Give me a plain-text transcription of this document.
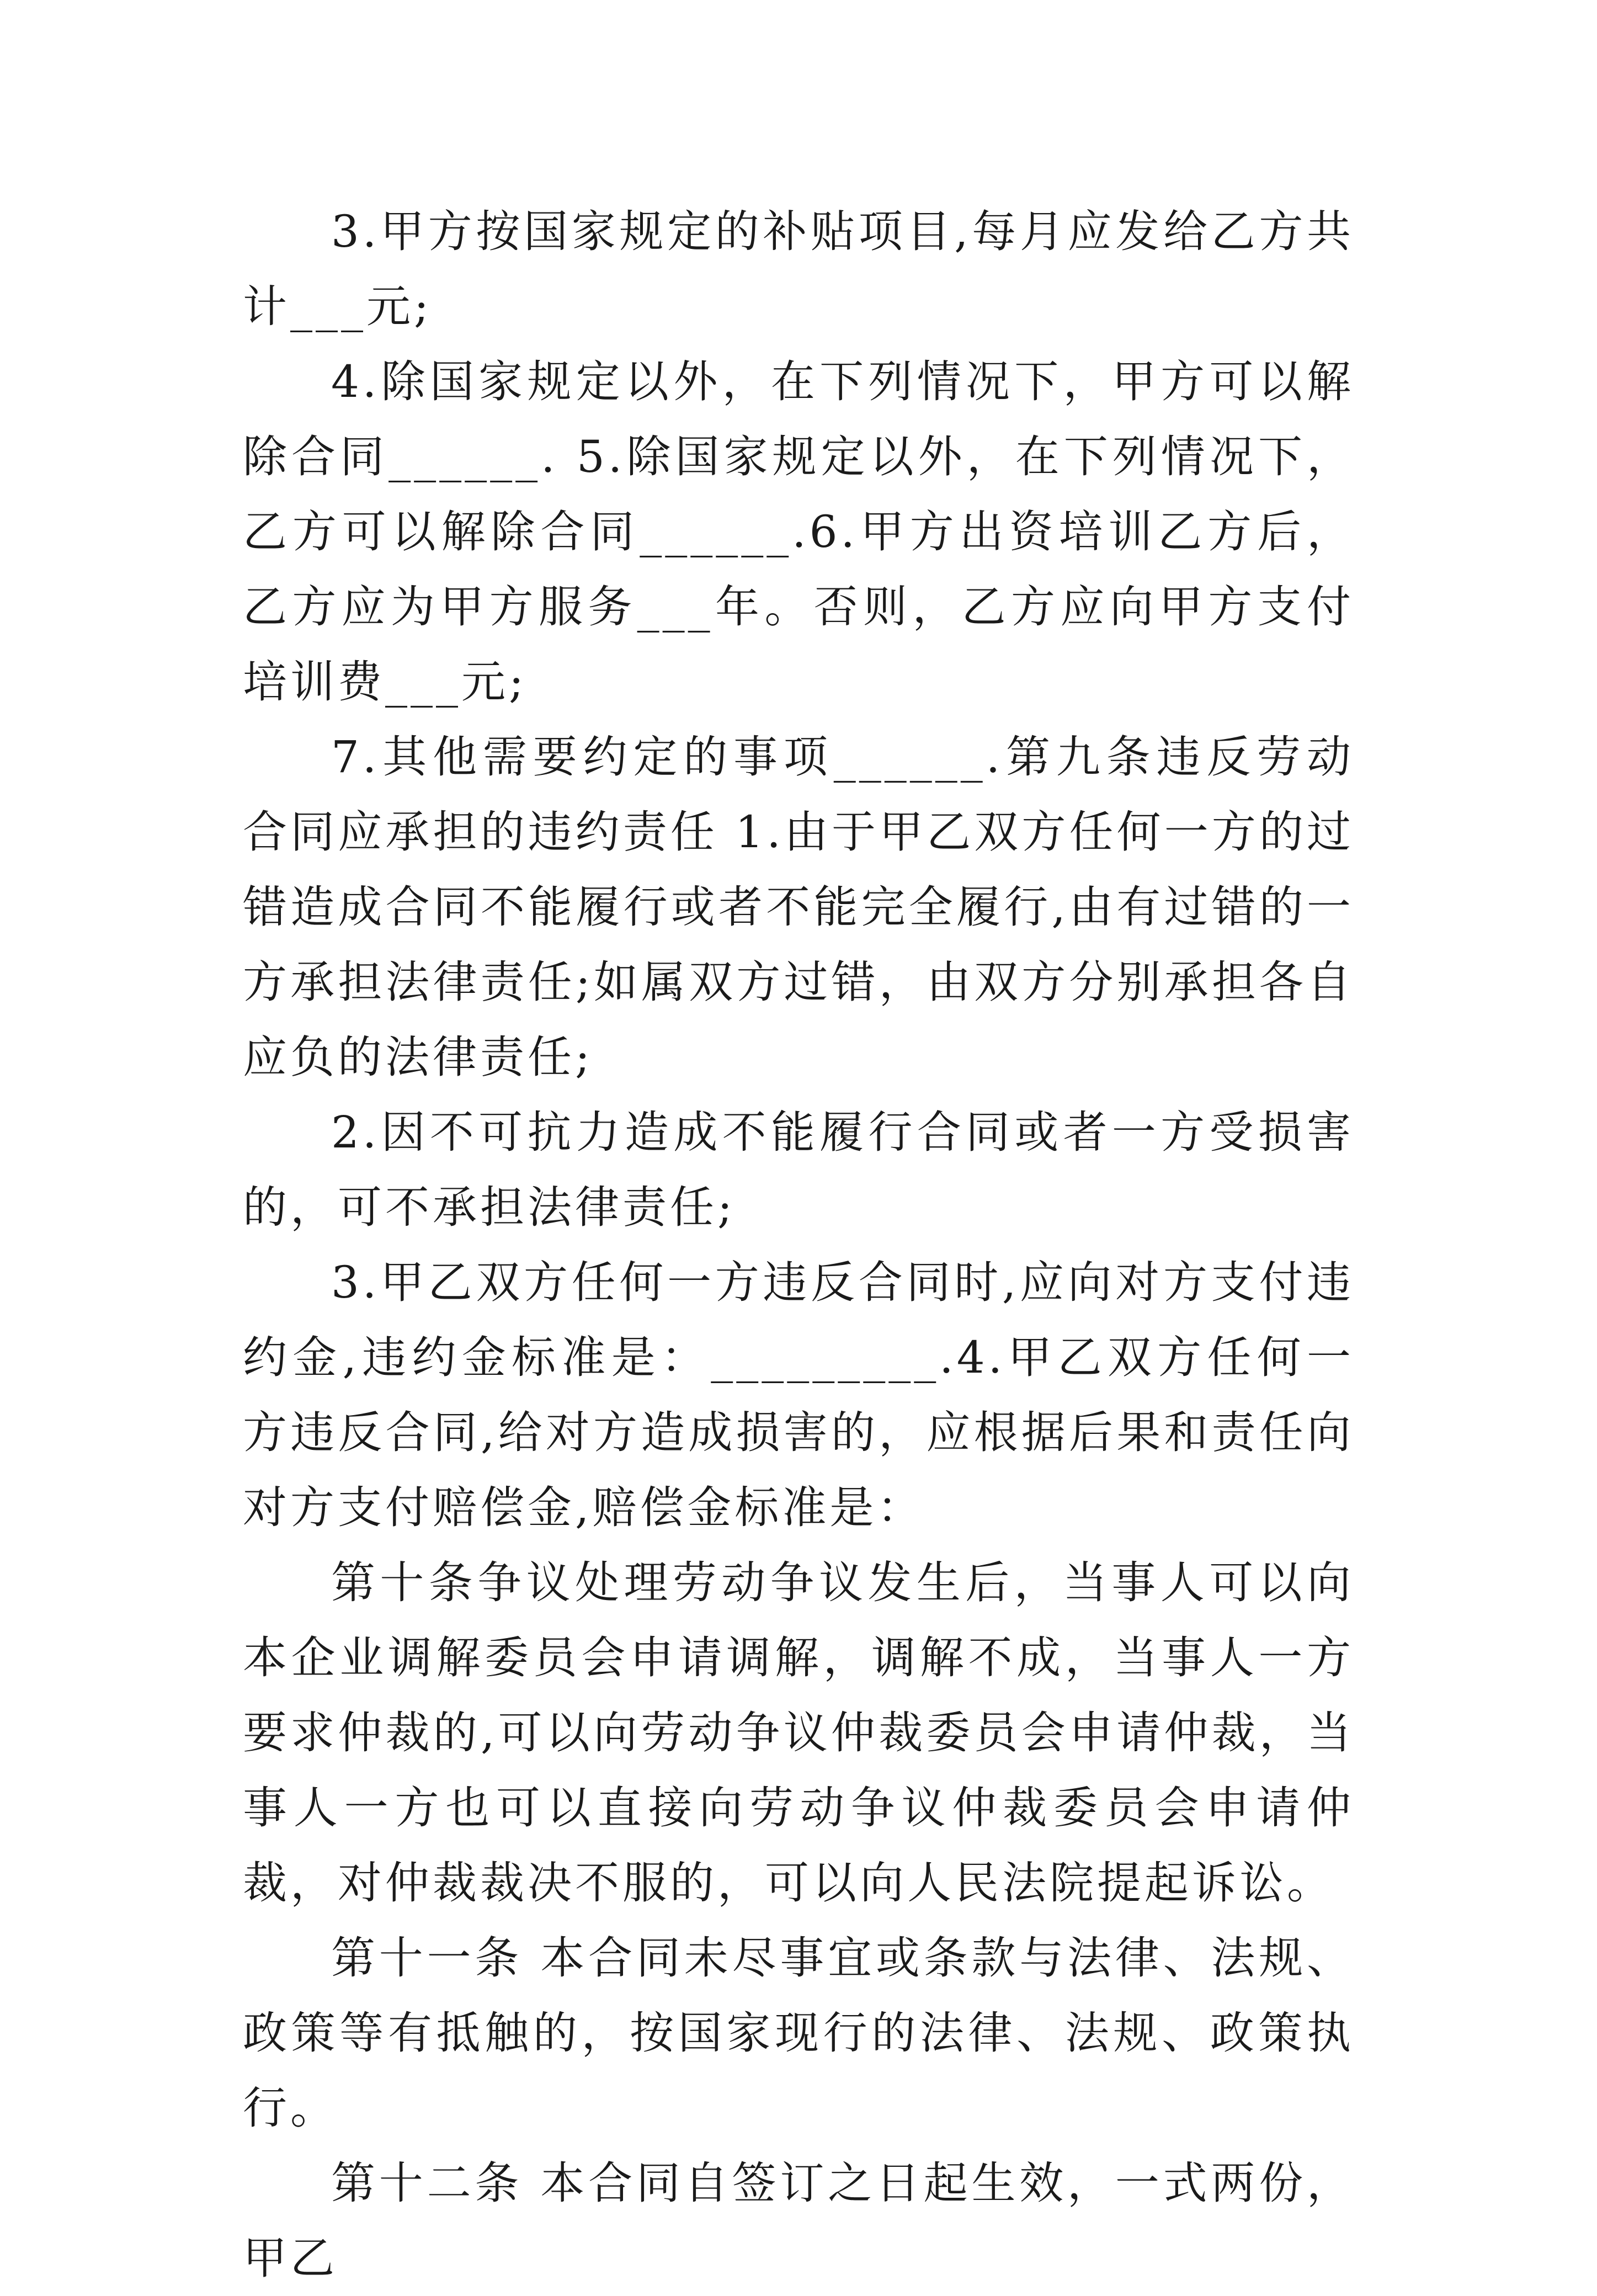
3.甲方按国家规定的补贴项目,每月应发给乙方共计___元;

4.除国家规定以外，在下列情况下，甲方可以解除合同______. 5.除国家规定以外，在下列情况下，乙方可以解除合同______.6.甲方出资培训乙方后，乙方应为甲方服务___年。否则，乙方应向甲方支付培训费___元;

7.其他需要约定的事项______.第九条违反劳动合同应承担的违约责任 1.由于甲乙双方任何一方的过错造成合同不能履行或者不能完全履行,由有过错的一方承担法律责任;如属双方过错，由双方分别承担各自应负的法律责任;

2.因不可抗力造成不能履行合同或者一方受损害的，可不承担法律责任;

3.甲乙双方任何一方违反合同时,应向对方支付违约金,违约金标准是：_________.4.甲乙双方任何一方违反合同,给对方造成损害的，应根据后果和责任向对方支付赔偿金,赔偿金标准是：

第十条争议处理劳动争议发生后，当事人可以向本企业调解委员会申请调解，调解不成，当事人一方要求仲裁的,可以向劳动争议仲裁委员会申请仲裁，当事人一方也可以直接向劳动争议仲裁委员会申请仲裁，对仲裁裁决不服的，可以向人民法院提起诉讼。

第十一条 本合同未尽事宜或条款与法律、法规、政策等有抵触的，按国家现行的法律、法规、政策执行。

第十二条 本合同自签订之日起生效，一式两份，甲乙
